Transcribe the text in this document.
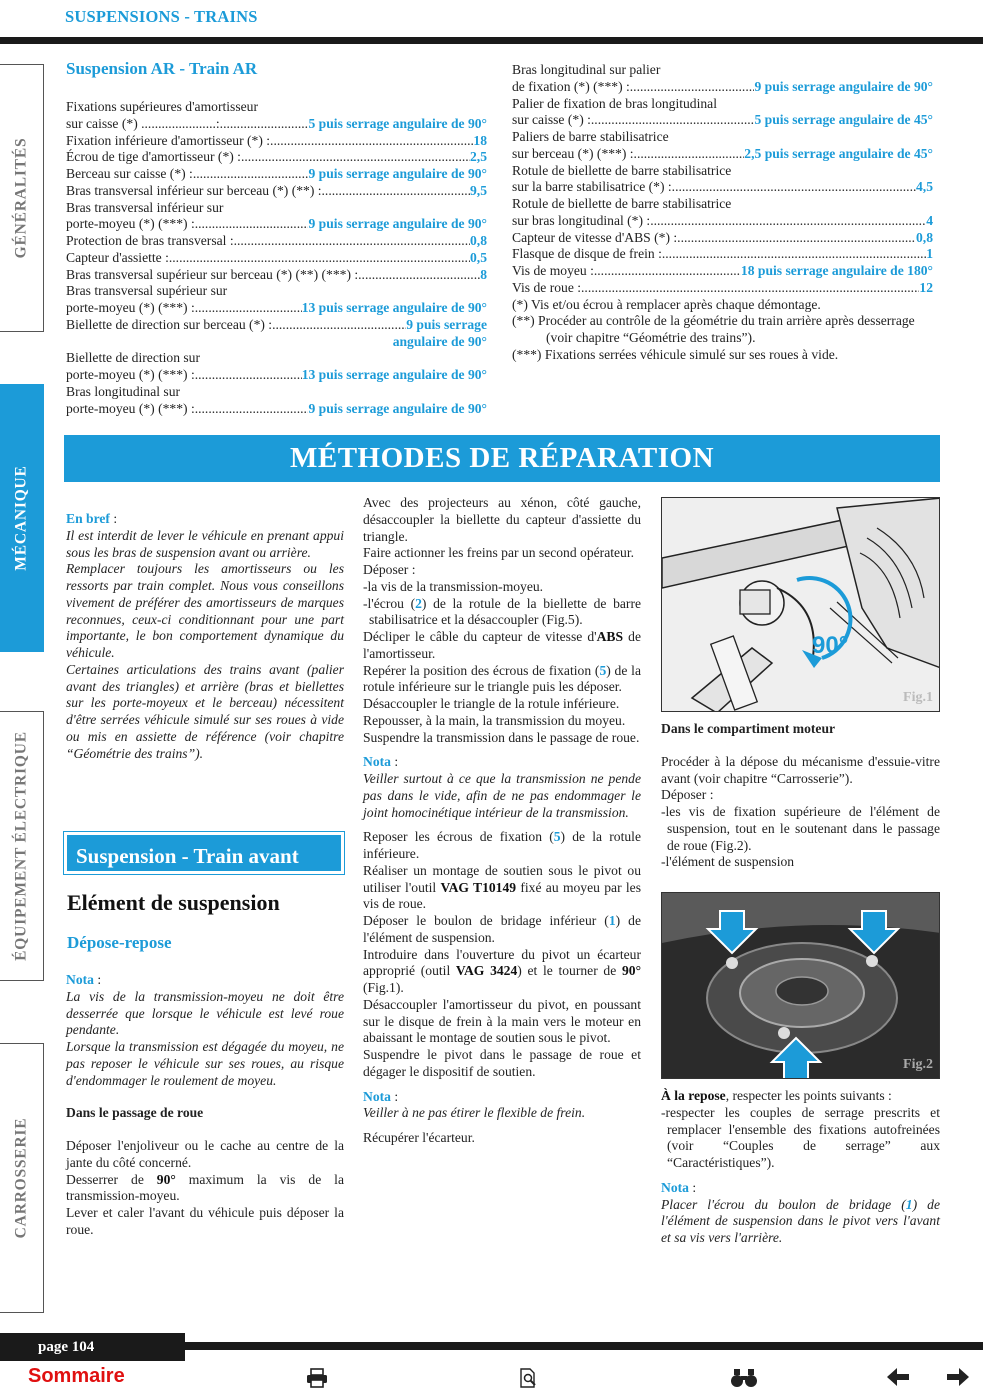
SUSPENSIONS - TRAINS
GÉNÉRALITÉS
MÉCANIQUE
ÉQUIPEMENT ÉLECTRIQUE
CARROSSERIE
Suspension AR - Train AR
Fixations supérieures d'amortisseur
sur caisse (*) ......................: .....	5 puis serrage angulaire de 90°
Fixation inférieure d'amortisseur (*) : .....	18
Écrou de tige d'amortisseur (*) : .....	2,5
Berceau sur caisse (*) : .....	9 puis serrage angulaire de 90°
Bras transversal inférieur sur berceau (*) (**) : .....	9,5
Bras transversal inférieur sur
porte-moyeu (*) (***) : .....	9 puis serrage angulaire de 90°
Protection de bras transversal : .....	0,8
Capteur d'assiette : .....	0,5
Bras transversal supérieur sur berceau (*) (**) (***) : .....	8
Bras transversal supérieur sur
porte-moyeu (*) (***) : .....	13 puis serrage angulaire de 90°
Biellette de direction sur berceau (*) : .....	9 puis serrage
angulaire de 90°
Biellette de direction sur
porte-moyeu (*) (***) : .....	13 puis serrage angulaire de 90°
Bras longitudinal sur
porte-moyeu (*) (***) : .....	9 puis serrage angulaire de 90°
Bras longitudinal sur palier
de fixation (*) (***) : .....	9 puis serrage angulaire de 90°
Palier de fixation de bras longitudinal
sur caisse (*) : .....	5 puis serrage angulaire de 45°
Paliers de barre stabilisatrice
sur berceau (*) (***) : .....	2,5 puis serrage angulaire de 45°
Rotule de biellette de barre stabilisatrice
sur la barre stabilisatrice (*) : .....	4,5
Rotule de biellette de barre stabilisatrice
sur bras longitudinal (*) : .....	4
Capteur de vitesse d'ABS (*) : .....	0,8
Flasque de disque de frein : .....	1
Vis de moyeu : .....	18 puis serrage angulaire de 180°
Vis de roue : .....	12
(*) Vis et/ou écrou à remplacer après chaque démontage.
(**) Procéder au contrôle de la géométrie du train arrière après desserrage (voir chapitre “Géométrie des trains”).
(***) Fixations serrées véhicule simulé sur ses roues à vide.
MÉTHODES DE RÉPARATION

En bref :

Il est interdit de lever le véhicule en prenant appui sous les bras de suspension avant ou arrière.

Remplacer toujours les amortisseurs ou les ressorts par train complet. Nous vous conseillons vivement de préférer des amortisseurs de marques reconnues, ceux-ci conditionnant pour une part importante, le bon comportement dynamique du véhicule.

Certaines articulations des trains avant (palier avant des triangles) et arrière (bras et biellettes sur les porte-moyeux et le berceau) nécessitent d'être serrées véhicule simulé sur ses roues à vide ou mis en assiette de référence (voir chapitre “Géométrie des trains”).

Suspension - Train avant
Elément de suspension
Dépose-repose

Nota :

La vis de la transmission-moyeu ne doit être desserrée que lorsque le véhicule est levé roue pendante.

Lorsque la transmission est dégagée du moyeu, ne pas reposer le véhicule sur ses roues, au risque d'endommager le roulement de moyeu.

Dans le passage de roue

Déposer l'enjoliveur ou le cache au centre de la jante du côté concerné.

Desserrer de 90° maximum la vis de la transmission-moyeu.

Lever et caler l'avant du véhicule puis déposer la roue.

Avec des projecteurs au xénon, côté gauche, désaccoupler la biellette du capteur d'assiette du triangle.

Faire actionner les freins par un second opérateur.

Déposer :

-la vis de la transmission-moyeu.

-l'écrou (2) de la rotule de la biellette de barre stabilisatrice et la désaccoupler (Fig.5).

Décliper le câble du capteur de vitesse d'ABS de l'amortisseur.

Repérer la position des écrous de fixation (5) de la rotule inférieure sur le triangle puis les déposer.

Désaccoupler le triangle de la rotule inférieure.

Repousser, à la main, la transmission du moyeu.

Suspendre la transmission dans le passage de roue.

Nota :

Veiller surtout à ce que la transmission ne pende pas dans le vide, afin de ne pas endommager le joint homocinétique intérieur de la transmission.

Reposer les écrous de fixation (5) de la rotule inférieure.

Réaliser un montage de soutien sous le pivot ou utiliser l'outil VAG T10149 fixé au moyeu par les vis de roue.

Déposer le boulon de bridage inférieur (1) de l'élément de suspension.

Introduire dans l'ouverture du pivot un écarteur approprié (outil VAG 3424) et le tourner de 90° (Fig.1).

Désaccoupler l'amortisseur du pivot, en poussant sur le disque de frein à la main vers le moteur en abaissant le montage de soutien sous le pivot.

Suspendre le pivot dans le passage de roue et dégager le dispositif de soutien.

Nota :

Veiller à ne pas étirer le flexible de frein.

Récupérer l'écarteur.

90°
Fig.1

Dans le compartiment moteur

Procéder à la dépose du mécanisme d'essuie-vitre avant (voir chapitre “Carrosserie”).

Déposer :

-les vis de fixation supérieure de l'élément de suspension, tout en le soutenant dans le passage de roue (Fig.2).

-l'élément de suspension

Fig.2

À la repose, respecter les points suivants :

-respecter les couples de serrage prescrits et remplacer l'ensemble des fixations autofreinées (voir “Couples de serrage” aux “Caractéristiques”).

Nota :

Placer l'écrou du boulon de bridage (1) de l'élément de suspension dans le pivot vers l'avant et sa vis vers l'arrière.

page 104
Sommaire
